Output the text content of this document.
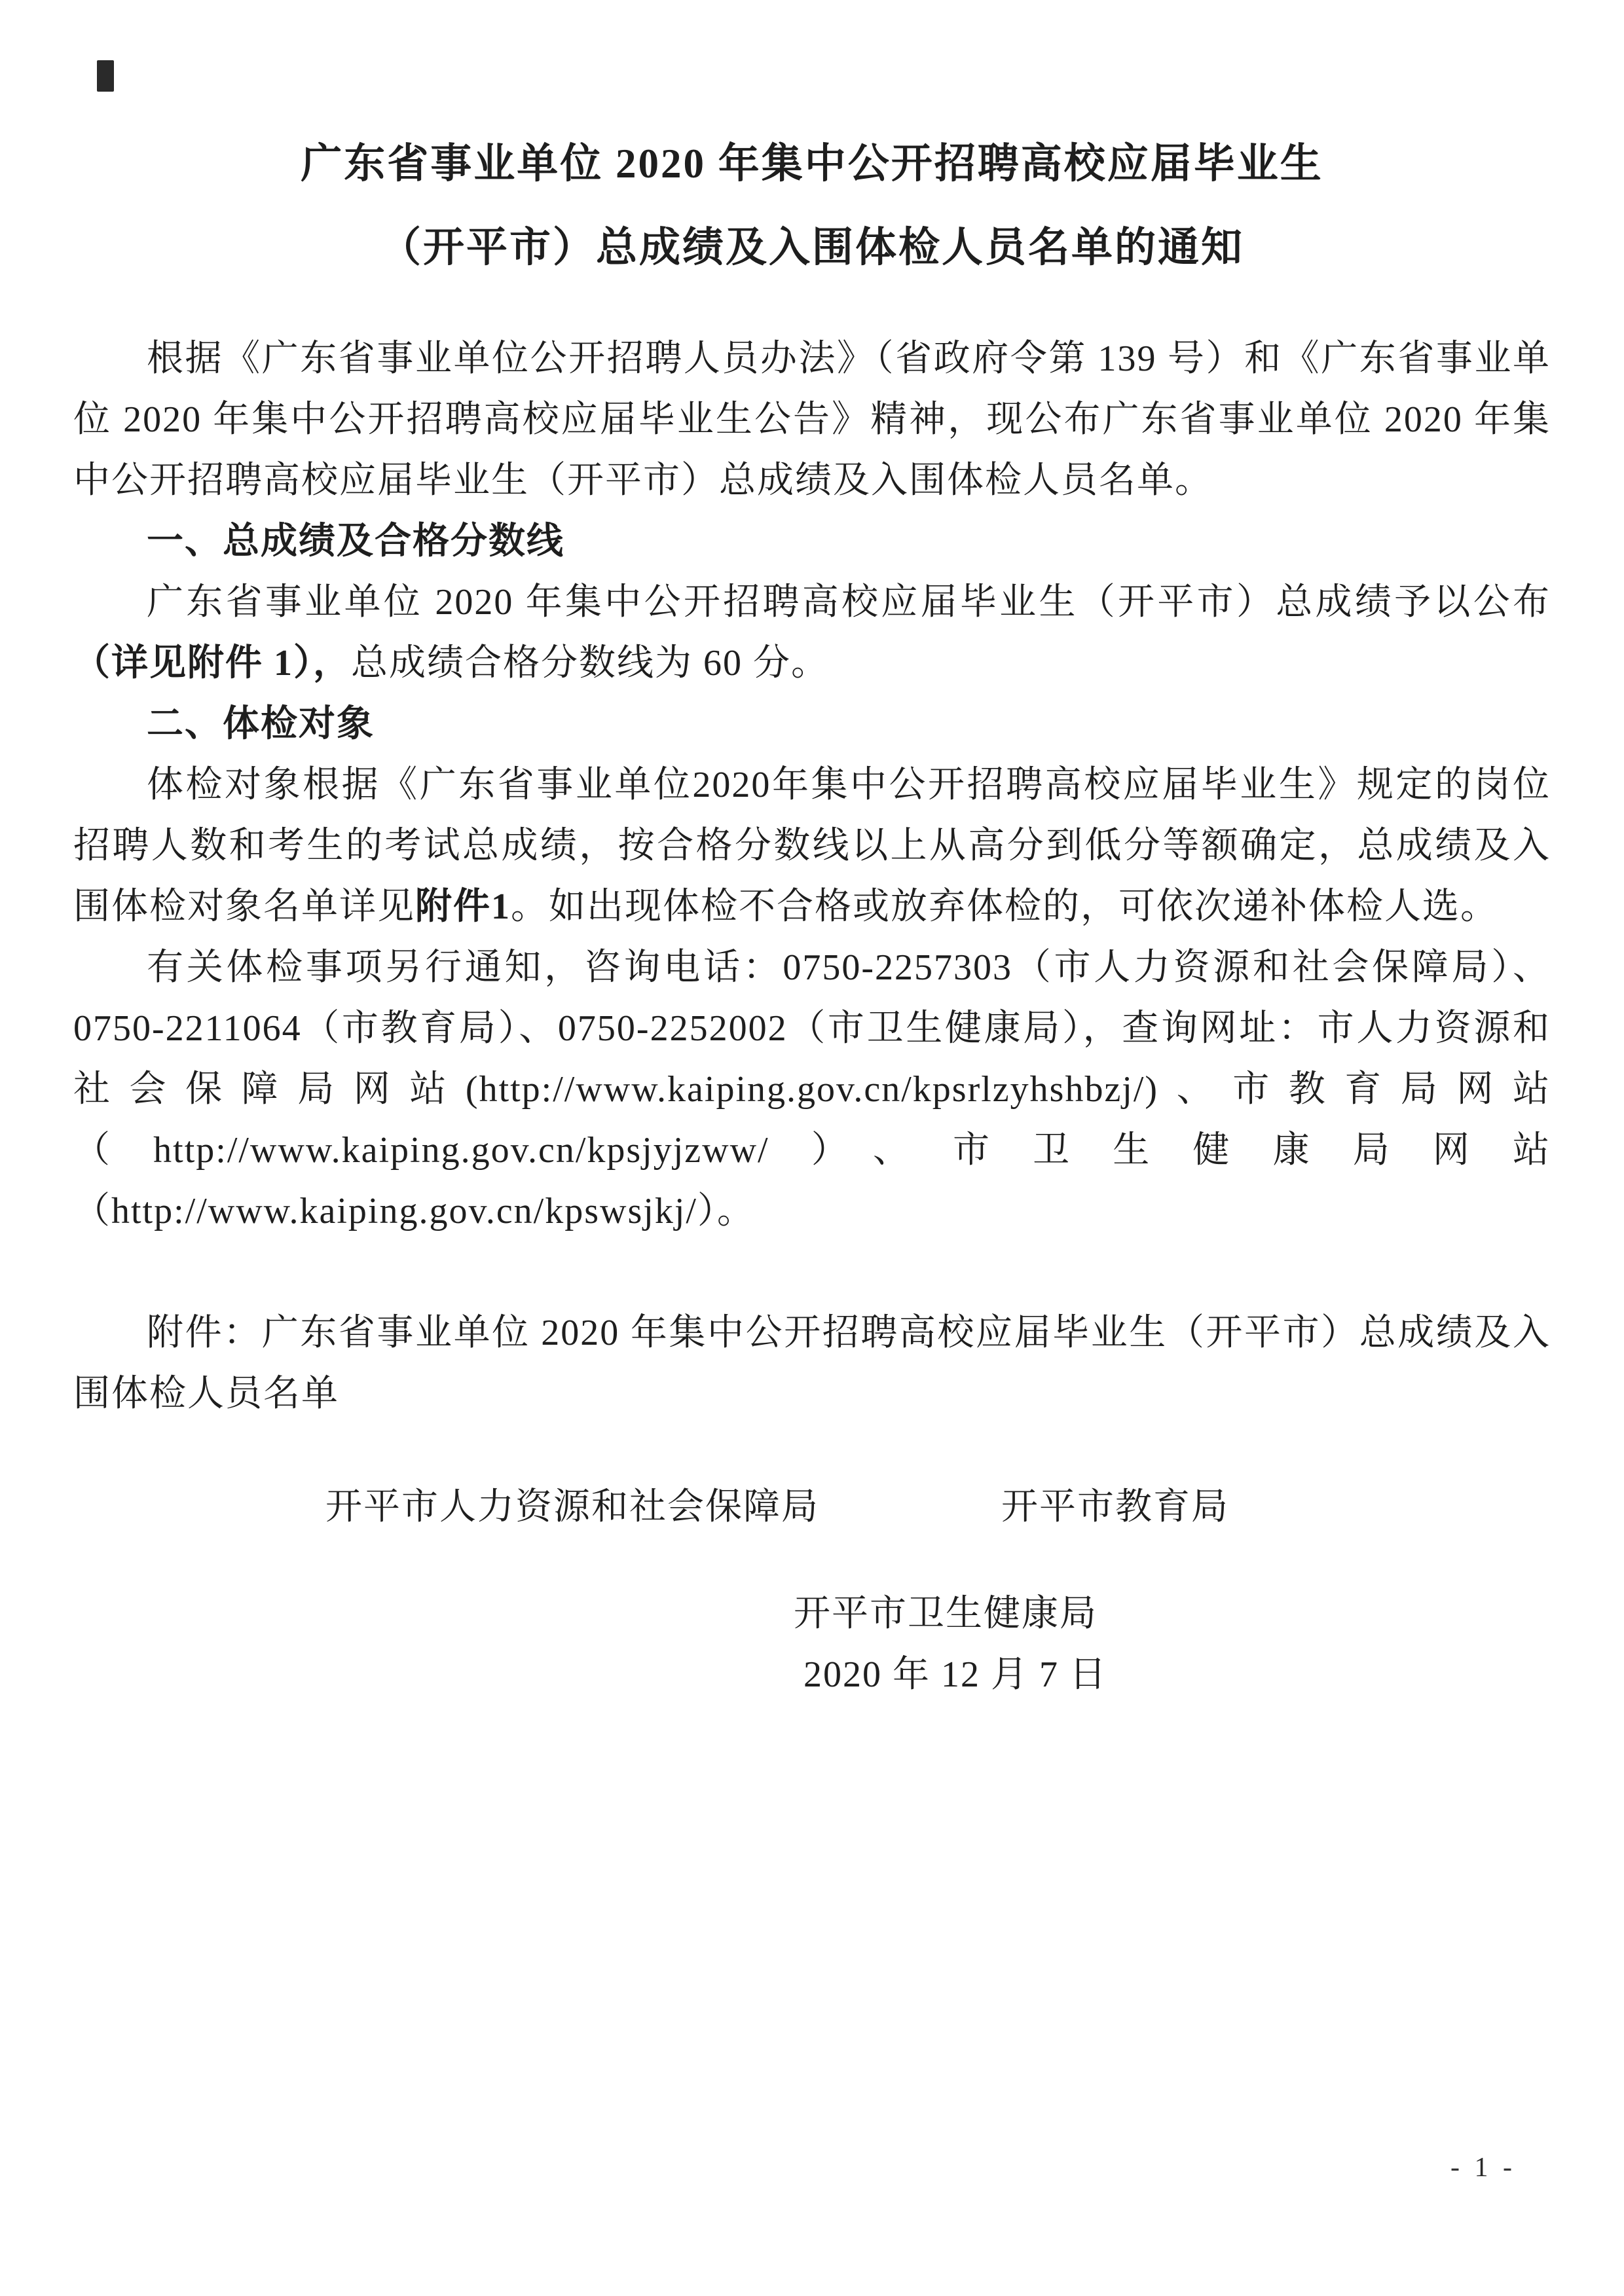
广东省事业单位 2020 年集中公开招聘高校应届毕业生
（开平市）总成绩及入围体检人员名单的通知

根据《广东省事业单位公开招聘人员办法》（省政府令第 139 号）和《广东省事业单位 2020 年集中公开招聘高校应届毕业生公告》精神，现公布广东省事业单位 2020 年集中公开招聘高校应届毕业生（开平市）总成绩及入围体检人员名单。

一、总成绩及合格分数线

广东省事业单位 2020 年集中公开招聘高校应届毕业生（开平市）总成绩予以公布（详见附件 1），总成绩合格分数线为 60 分。

二、体检对象

体检对象根据《广东省事业单位2020年集中公开招聘高校应届毕业生》规定的岗位招聘人数和考生的考试总成绩，按合格分数线以上从高分到低分等额确定，总成绩及入围体检对象名单详见附件1。如出现体检不合格或放弃体检的，可依次递补体检人选。

有关体检事项另行通知，咨询电话：0750-2257303（市人力资源和社会保障局）、0750-2211064（市教育局）、0750-2252002（市卫生健康局），查询网址：市人力资源和社会保障局网站(http://www.kaiping.gov.cn/kpsrlzyhshbzj/)、市教育局网站（http://www.kaiping.gov.cn/kpsjyjzww/）、市卫生健康局网站（http://www.kaiping.gov.cn/kpswsjkj/）。

附件：广东省事业单位 2020 年集中公开招聘高校应届毕业生（开平市）总成绩及入围体检人员名单

开平市人力资源和社会保障局	开平市教育局
开平市卫生健康局
2020 年 12 月 7 日
- 1 -
